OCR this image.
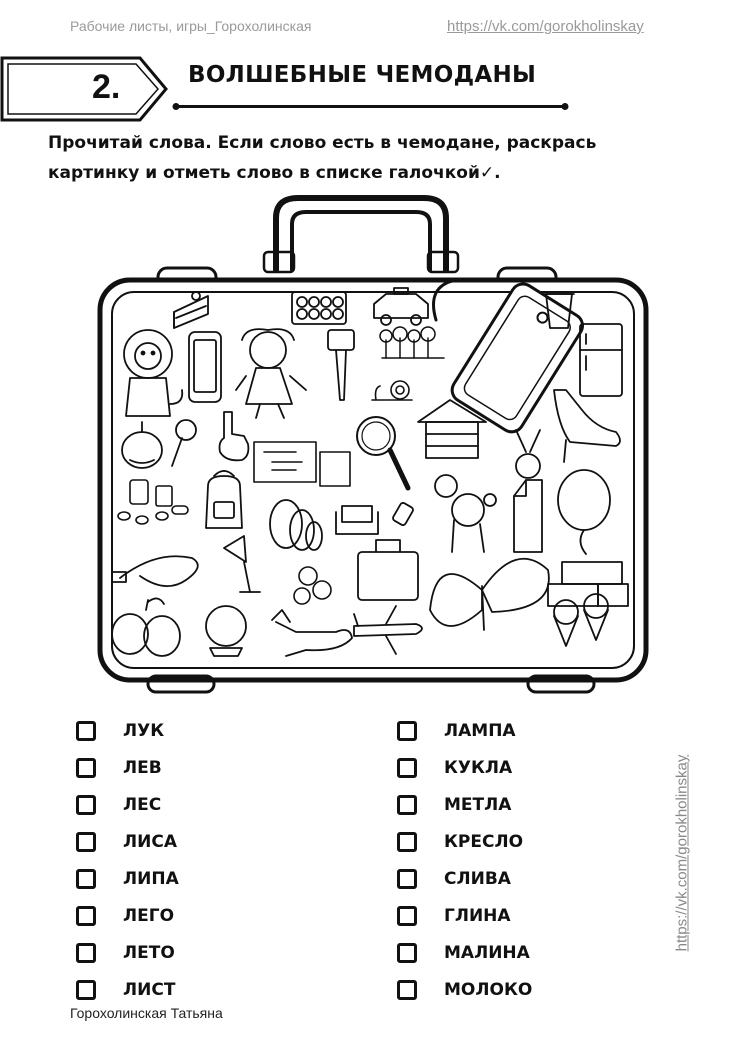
Рабочие листы, игры_Горохолинская	https://vk.com/gorokholinskay
2.	ВОЛШЕБНЫЕ ЧЕМОДАНЫ
Прочитай слова. Если слово есть в чемодане, раскрась
картинку и отметь слово в списке галочкой✓.
https://vk.com/gorokholinskay
ЛУК
ЛЕВ
ЛЕС
ЛИСА
ЛИПА
ЛЕГО
ЛЕТО
ЛИСТ
ЛАМПА
КУКЛА
МЕТЛА
КРЕСЛО
СЛИВА
ГЛИНА
МАЛИНА
МОЛОКО
Горохолинская Татьяна
